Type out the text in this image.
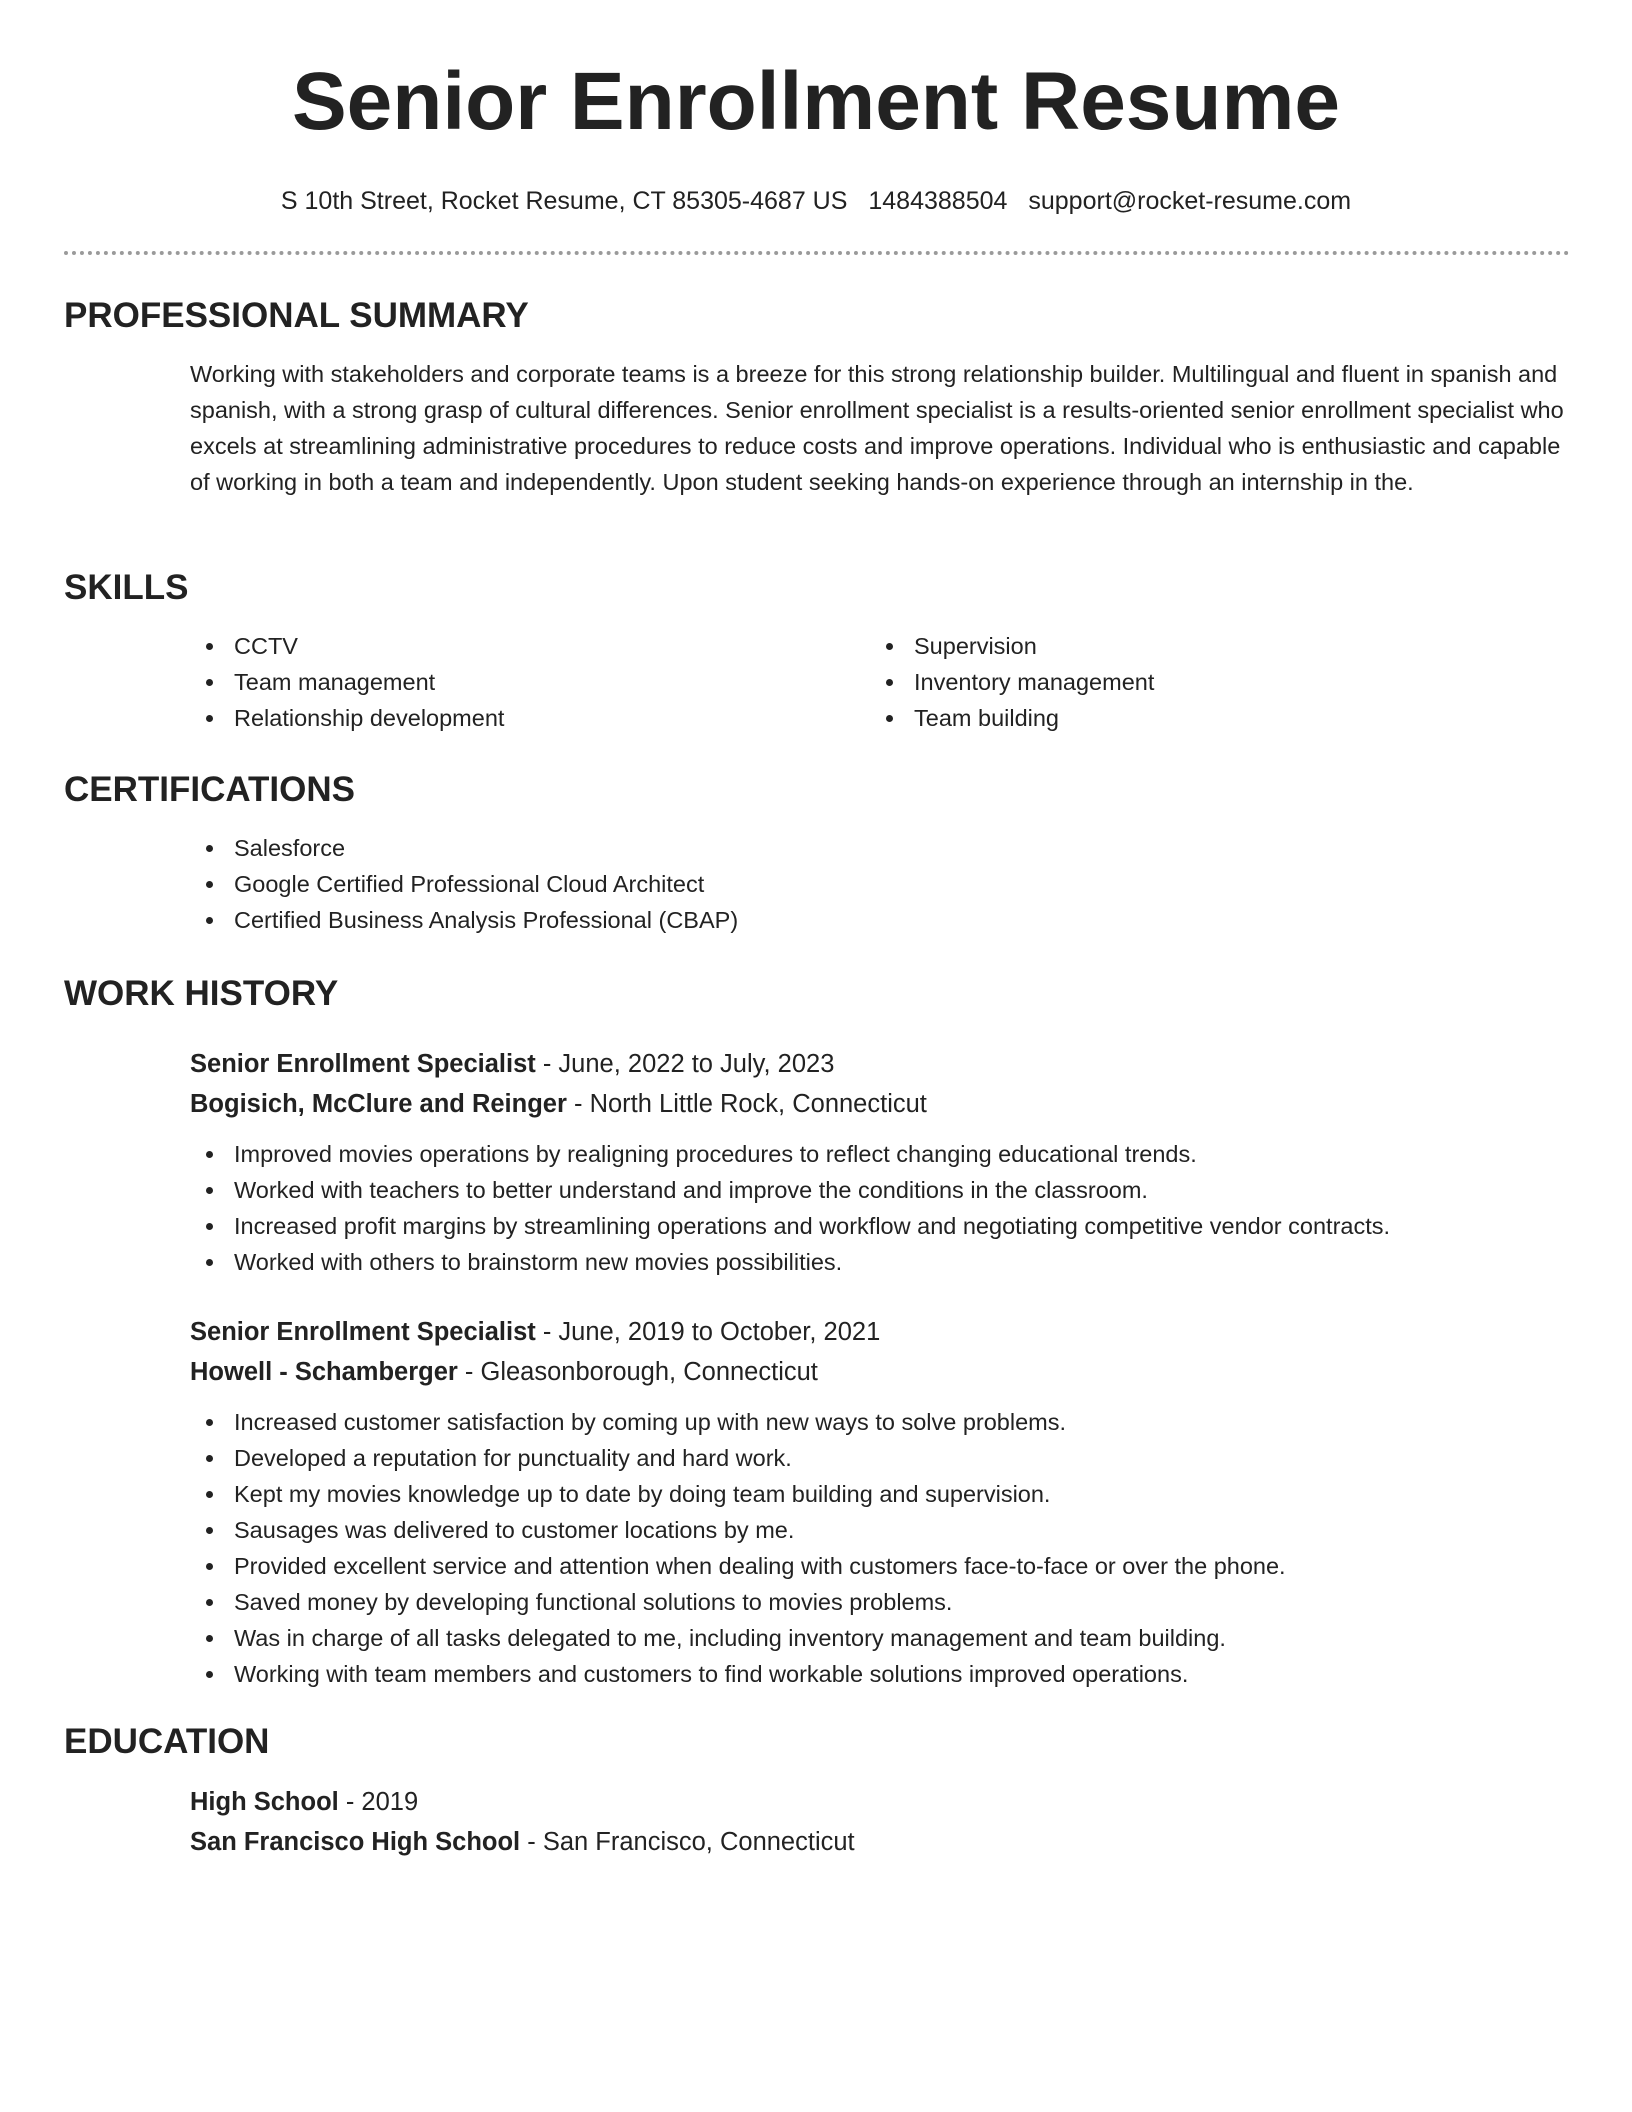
Senior Enrollment Resume
S 10th Street, Rocket Resume, CT 85305-4687 US 1484388504 support@rocket-resume.com
PROFESSIONAL SUMMARY
Working with stakeholders and corporate teams is a breeze for this strong relationship builder. Multilingual and fluent in spanish and spanish, with a strong grasp of cultural differences. Senior enrollment specialist is a results-oriented senior enrollment specialist who excels at streamlining administrative procedures to reduce costs and improve operations. Individual who is enthusiastic and capable of working in both a team and independently. Upon student seeking hands-on experience through an internship in the.
SKILLS
CCTV
Team management
Relationship development
Supervision
Inventory management
Team building
CERTIFICATIONS
Salesforce
Google Certified Professional Cloud Architect
Certified Business Analysis Professional (CBAP)
WORK HISTORY
Senior Enrollment Specialist - June, 2022 to July, 2023
Bogisich, McClure and Reinger - North Little Rock, Connecticut
Improved movies operations by realigning procedures to reflect changing educational trends.
Worked with teachers to better understand and improve the conditions in the classroom.
Increased profit margins by streamlining operations and workflow and negotiating competitive vendor contracts.
Worked with others to brainstorm new movies possibilities.
Senior Enrollment Specialist - June, 2019 to October, 2021
Howell - Schamberger - Gleasonborough, Connecticut
Increased customer satisfaction by coming up with new ways to solve problems.
Developed a reputation for punctuality and hard work.
Kept my movies knowledge up to date by doing team building and supervision.
Sausages was delivered to customer locations by me.
Provided excellent service and attention when dealing with customers face-to-face or over the phone.
Saved money by developing functional solutions to movies problems.
Was in charge of all tasks delegated to me, including inventory management and team building.
Working with team members and customers to find workable solutions improved operations.
EDUCATION
High School - 2019
San Francisco High School - San Francisco, Connecticut
